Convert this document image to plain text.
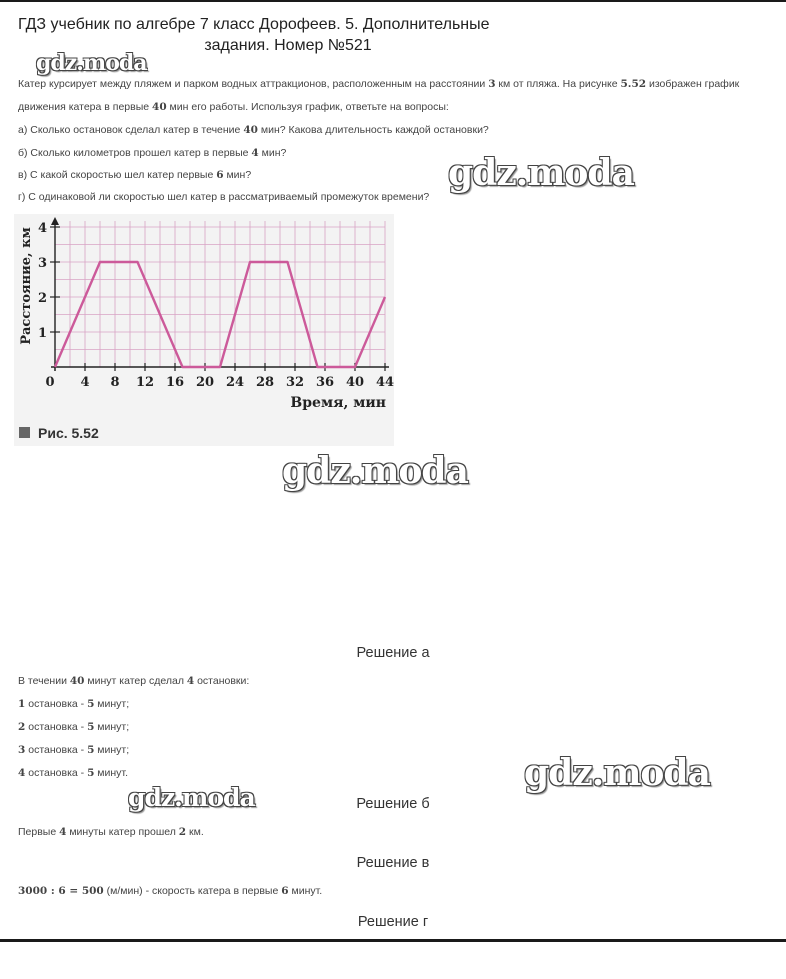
ГДЗ учебник по алгебре 7 класс Дорофеев. 5. Дополнительные
задания. Номер №521
gdz.moda
Катер курсирует между пляжем и парком водных аттракционов, расположенным на расстоянии 3 км от пляжа. На рисунке 5.52 изображен график
движения катера в первые 40 мин его работы. Используя график, ответьте на вопросы:
а) Сколько остановок сделал катер в течение 40 мин? Какова длительность каждой остановки?
б) Сколько километров прошел катер в первые 4 мин?
в) С какой скоростью шел катер первые 6 мин?
г) С одинаковой ли скоростью шел катер в рассматриваемый промежуток времени?
gdz.moda
1
2
3
4
0 4 8 12 16 20 24 28 32 36 40 44
Расстояние, км
Время, мин
Рис. 5.52
gdz.moda
Решение а
В течении 40 минут катер сделал 4 остановки:
1 остановка - 5 минут;
2 остановка - 5 минут;
3 остановка - 5 минут;
4 остановка - 5 минут.	gdz.moda
gdz.moda	Решение б
Первые 4 минуты катер прошел 2 км.
Решение в
3000 : 6 = 500 (м/мин) - скорость катера в первые 6 минут.
Решение г
